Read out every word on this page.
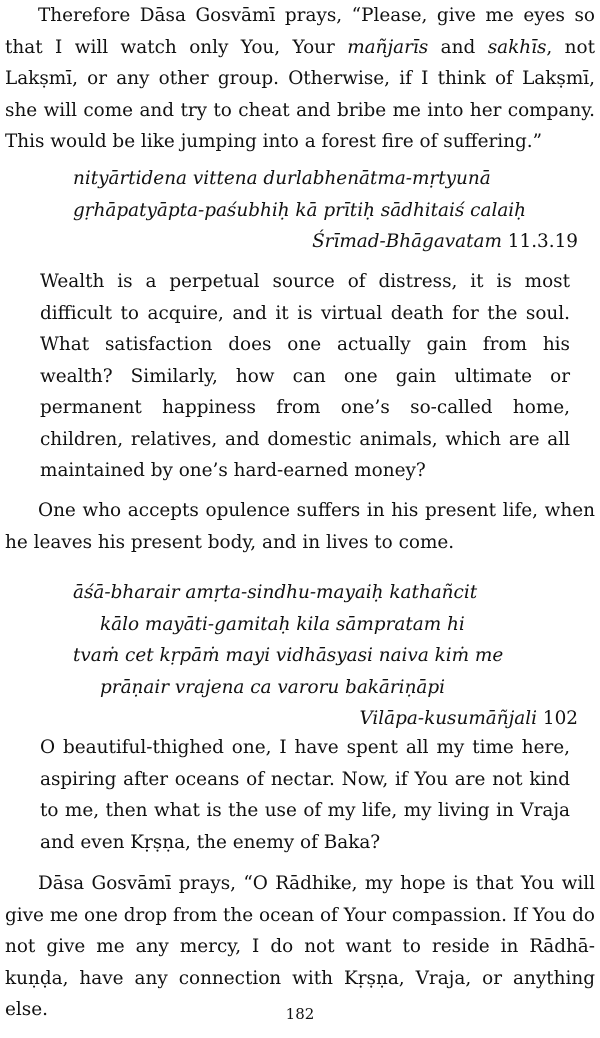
Therefore Dāsa Gosvāmī prays, “Please, give me eyes so that I will watch only You, Your mañjarīs and sakhīs, not Lakṣmī, or any other group. Otherwise, if I think of Lakṣmī, she will come and try to cheat and bribe me into her company. This would be like jumping into a forest fire of suffering.”

nityārtidena vittena durlabhenātma-mṛtyunā
gṛhāpatyāpta-paśubhiḥ kā prītiḥ sādhitaiś calaiḥ
Śrīmad-Bhāgavatam 11.3.19

Wealth is a perpetual source of distress, it is most difficult to acquire, and it is virtual death for the soul. What satisfaction does one actually gain from his wealth? Similarly, how can one gain ultimate or permanent happiness from one’s so-called home, children, relatives, and domestic animals, which are all maintained by one’s hard-earned money?

One who accepts opulence suffers in his present life, when he leaves his present body, and in lives to come.

āśā-bharair amṛta-sindhu-mayaiḥ kathañcit
kālo mayāti-gamitaḥ kila sāmpratam hi
tvaṁ cet kṛpāṁ mayi vidhāsyasi naiva kiṁ me
prāṇair vrajena ca varoru bakāriṇāpi
Vilāpa-kusumāñjali 102

O beautiful-thighed one, I have spent all my time here, aspiring after oceans of nectar. Now, if You are not kind to me, then what is the use of my life, my living in Vraja and even Kṛṣṇa, the enemy of Baka?

Dāsa Gosvāmī prays, “O Rādhike, my hope is that You will give me one drop from the ocean of Your compassion. If You do not give me any mercy, I do not want to reside in Rādhā-kuṇḍa, have any connection with Kṛṣṇa, Vraja, or anything else.	182
